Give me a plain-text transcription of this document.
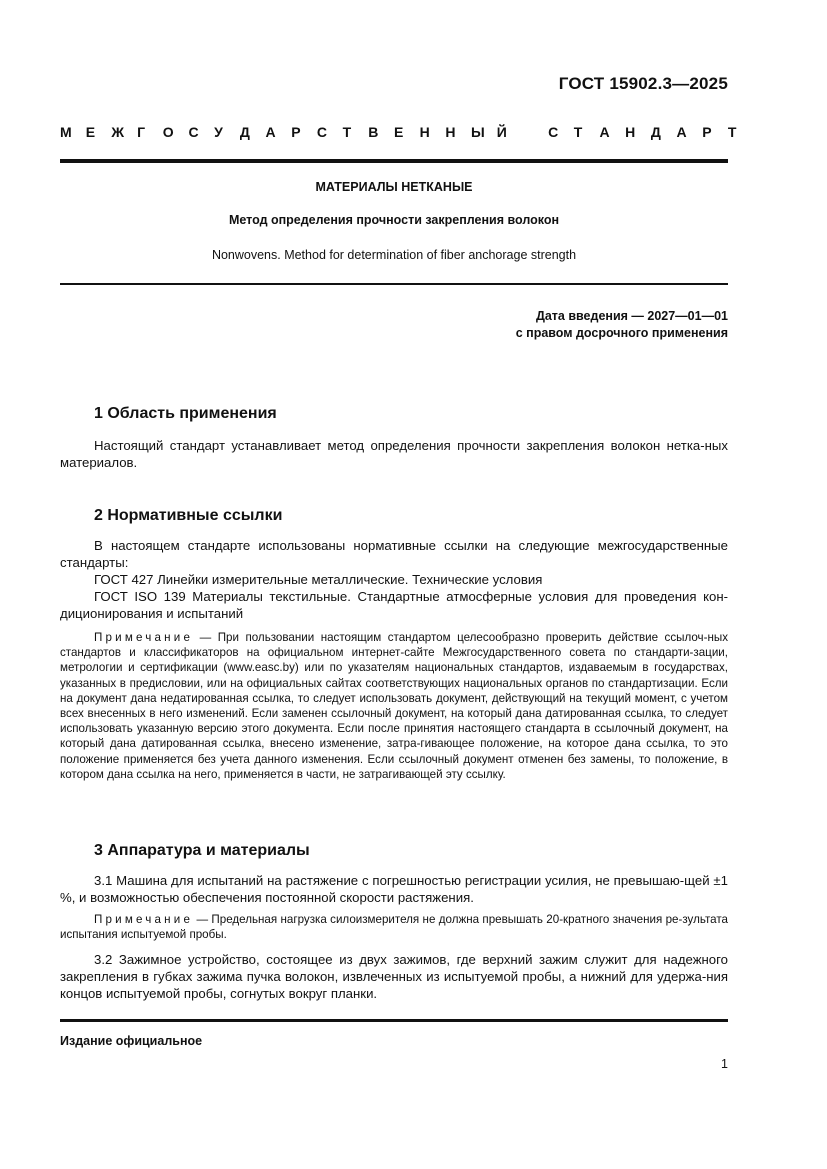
ГОСТ 15902.3—2025
М Е Ж Г О С У Д А Р С Т В Е Н Н Ы Й	С Т А Н Д А Р Т
МАТЕРИАЛЫ НЕТКАНЫЕ
Метод определения прочности закрепления волокон
Nonwovens. Method for determination of fiber anchorage strength
Дата введения — 2027—01—01
с правом досрочного применения
1 Область применения
Настоящий стандарт устанавливает метод определения прочности закрепления волокон нетка-ных материалов.
2 Нормативные ссылки
В настоящем стандарте использованы нормативные ссылки на следующие межгосударственные стандарты:
ГОСТ 427 Линейки измерительные металлические. Технические условия
ГОСТ ISO 139 Материалы текстильные. Стандартные атмосферные условия для проведения кон-диционирования и испытаний
Примечание — При пользовании настоящим стандартом целесообразно проверить действие ссылоч-ных стандартов и классификаторов на официальном интернет-сайте Межгосударственного совета по стандарти-зации, метрологии и сертификации (www.easc.by) или по указателям национальных стандартов, издаваемым в государствах, указанных в предисловии, или на официальных сайтах соответствующих национальных органов по стандартизации. Если на документ дана недатированная ссылка, то следует использовать документ, действующий на текущий момент, с учетом всех внесенных в него изменений. Если заменен ссылочный документ, на который дана датированная ссылка, то следует использовать указанную версию этого документа. Если после принятия настоящего стандарта в ссылочный документ, на который дана датированная ссылка, внесено изменение, затра-гивающее положение, на которое дана ссылка, то это положение применяется без учета данного изменения. Если ссылочный документ отменен без замены, то положение, в котором дана ссылка на него, применяется в части, не затрагивающей эту ссылку.
3 Аппаратура и материалы
3.1 Машина для испытаний на растяжение с погрешностью регистрации усилия, не превышаю-щей ±1 %, и возможностью обеспечения постоянной скорости растяжения.
Примечание — Предельная нагрузка силоизмерителя не должна превышать 20-кратного значения ре-зультата испытания испытуемой пробы.
3.2 Зажимное устройство, состоящее из двух зажимов, где верхний зажим служит для надежного закрепления в губках зажима пучка волокон, извлеченных из испытуемой пробы, а нижний для удержа-ния концов испытуемой пробы, согнутых вокруг планки.
Издание официальное
1
